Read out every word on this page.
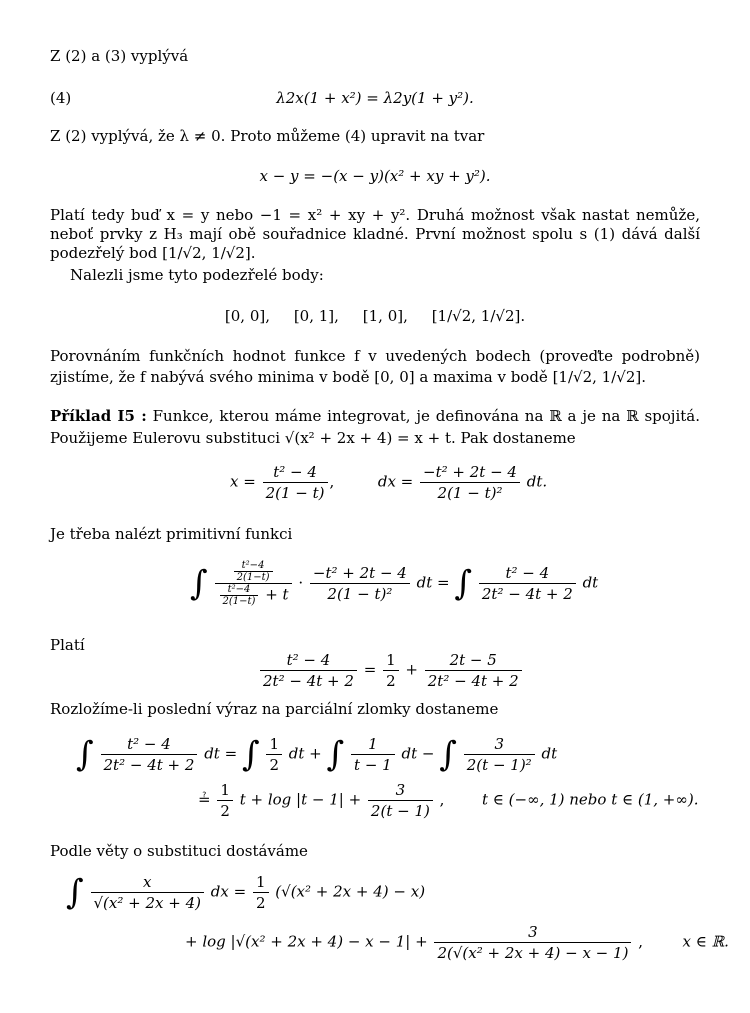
Z (2) a (3) vyplývá
(4)	λ2x(1 + x²) = λ2y(1 + y²).
Z (2) vyplývá, že λ ≠ 0. Proto můžeme (4) upravit na tvar
x − y = −(x − y)(x² + xy + y²).
Platí tedy buď x = y nebo −1 = x² + xy + y². Druhá možnost však nastat nemůže, neboť prvky z H₃ mají obě souřadnice kladné. První možnost spolu s (1) dává další podezřelý bod [1/√2, 1/√2].
Nalezli jsme tyto podezřelé body:
[0, 0],     [0, 1],     [1, 0],     [1/√2, 1/√2].
Porovnáním funkčních hodnot funkce f v uvedených bodech (proveďte podrobně) zjistíme, že f nabývá svého minima v bodě [0, 0] a maxima v bodě [1/√2, 1/√2].
Příklad I5 : Funkce, kterou máme integrovat, je definována na ℝ a je na ℝ spojitá. Použijeme Eulerovu substituci √(x² + 2x + 4) = x + t. Pak dostaneme
$x = \frac{\text{t² − 4}}{2(1 - t)}$ ,	dx = $\frac{\text{−t² + 2t − 4}}{\text{2(1 − t)²}}$ dt.
Je třeba nalézt primitivní funkci
∫ $\frac{\frac{\text{t²−4}}{2(1-t)}}{\frac{\text{t²−4}}{2(1-t)} + t} \cdot \frac{\text{−t² + 2t − 4}}{\text{2(1 − t)²}}$ dt = ∫ $\frac{\text{t² − 4}}{\text{2t² − 4t + 2}}$ dt
Platí
$\frac{\text{t² − 4}}{\text{2t² − 4t + 2}} = \frac{1}{2} + \frac{2t - 5}{\text{2t² − 4t + 2}}$
Rozložíme-li poslední výraz na parciální zlomky dostaneme
∫ $\frac{\text{t² − 4}}{\text{2t² − 4t + 2}}$ dt = ∫ $\frac{1}{2}$ dt + ∫ $\frac{1}{t - 1}$ dt − ∫ $\frac{3}{\text{2(t − 1)²}}$ dt
≟ $\frac{1}{2}$ $t + \log |t - 1| + \frac{3}{2(t - 1)}$ ,	t ∈ (−∞, 1) nebo t ∈ (1, +∞).
Podle věty o substituci dostáváme
∫ $\frac{x}{\text{√(x² + 2x + 4)}}$ dx = $\frac{1}{2} (√(x^2 + 2x + 4) - x)$
+ $\log |√(x^2 + 2x + 4) - x - 1| + \frac{3}{\text{2(√(x² + 2x + 4) − x − 1)}}$ ,	x ∈ ℝ.
